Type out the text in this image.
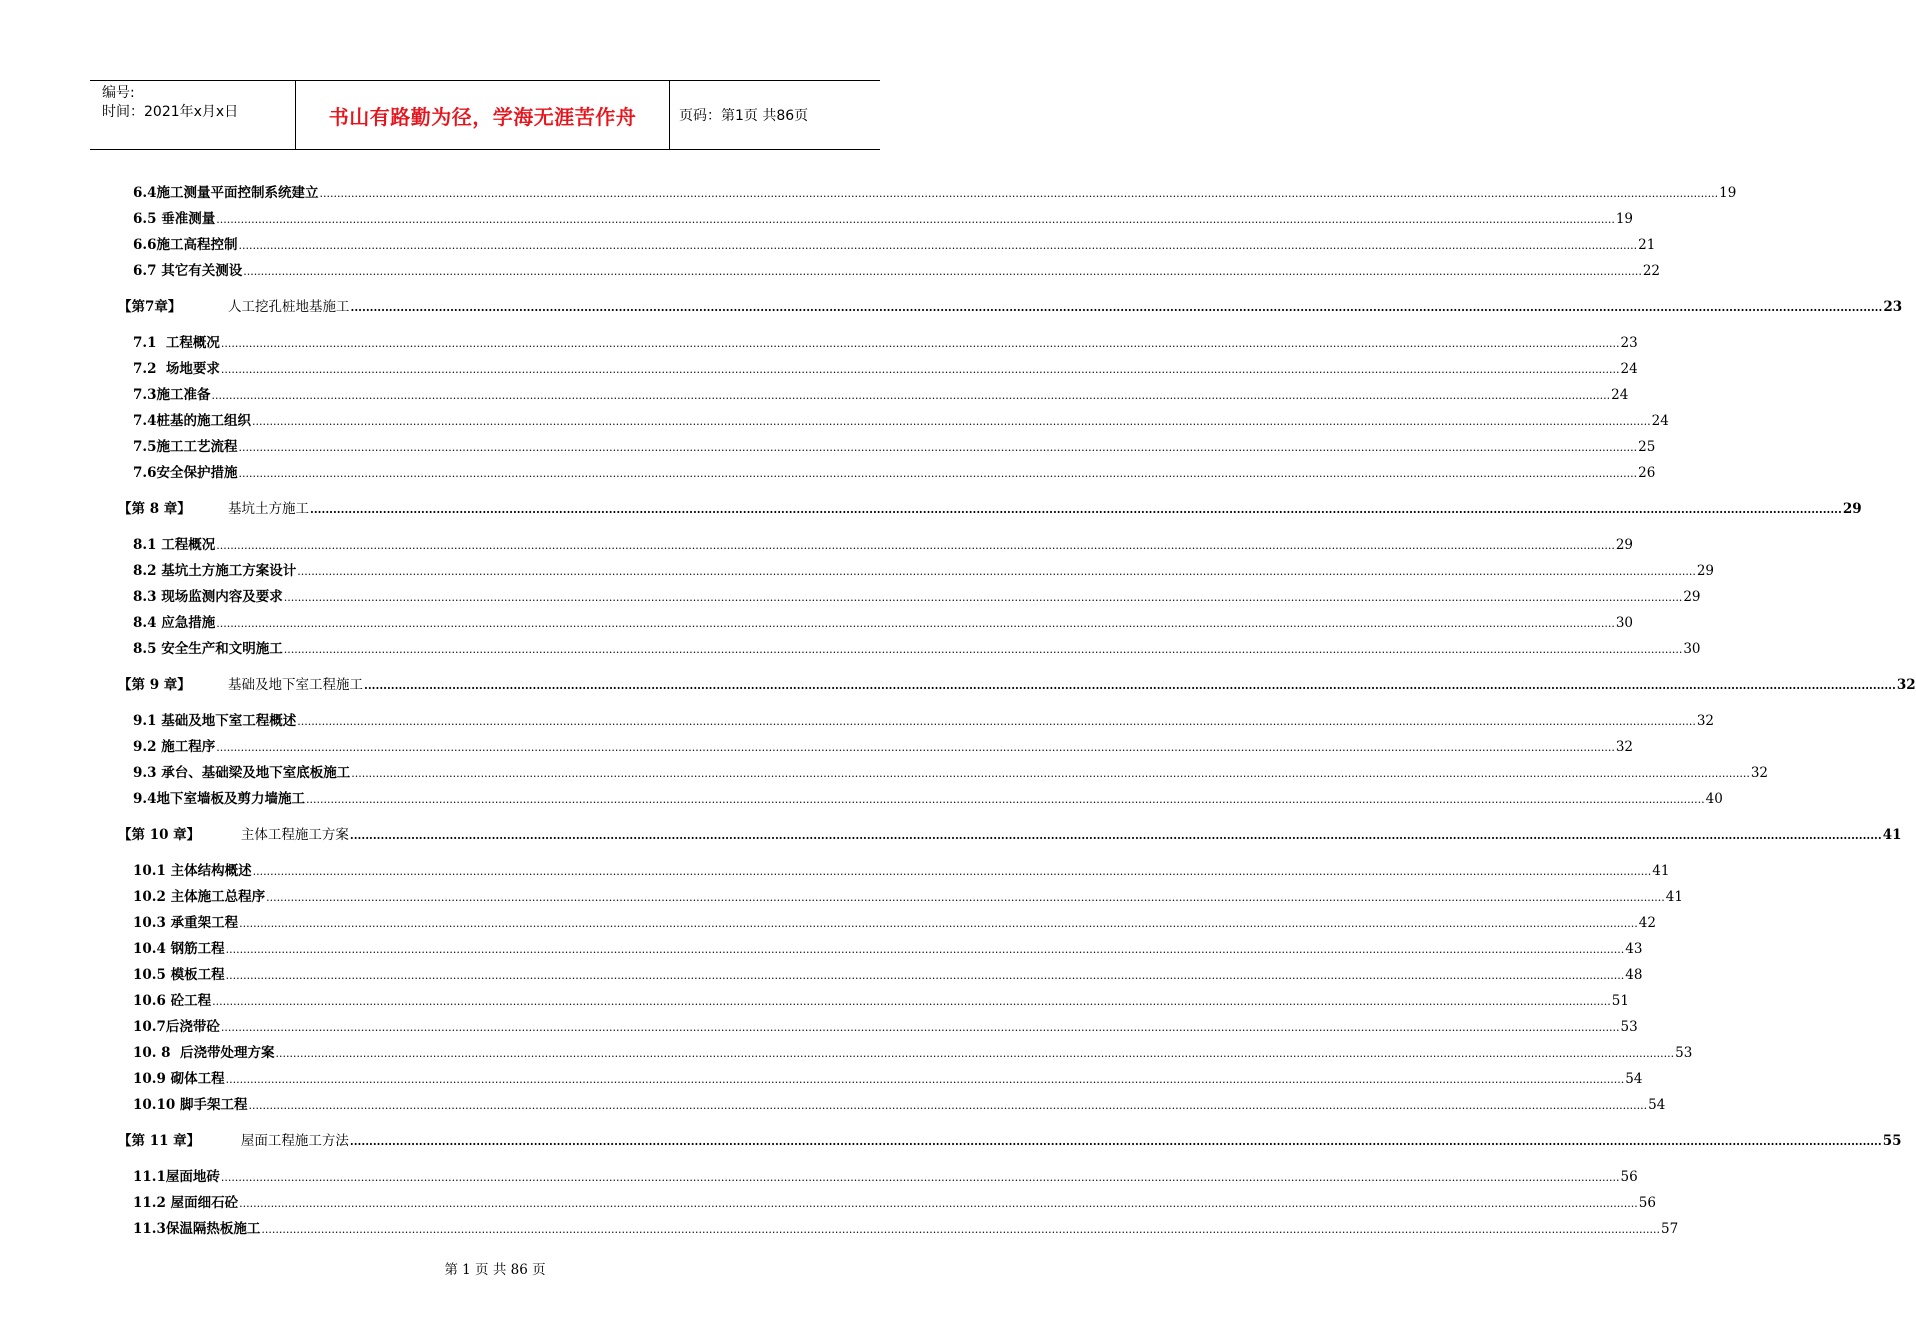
编号:
时间：2021年x月x日	书山有路勤为径，学海无涯苦作舟	页码：第1页 共86页
6.4施工测量平面控制系统建立 ................................................................................................................................................................................................................................................................................................................................................................................................................ 19
6.5 垂准测量 ................................................................................................................................................................................................................................................................................................................................................................................................................ 19
6.6施工高程控制 ................................................................................................................................................................................................................................................................................................................................................................................................................ 21
6.7 其它有关测设 ................................................................................................................................................................................................................................................................................................................................................................................................................ 22
【第7章】	人工挖孔桩地基施工 ................................................................................................................................................................................................................................................................................................................................................................................................................ 23
7.1  工程概况 ................................................................................................................................................................................................................................................................................................................................................................................................................ 23
7.2  场地要求 ................................................................................................................................................................................................................................................................................................................................................................................................................ 24
7.3施工准备 ................................................................................................................................................................................................................................................................................................................................................................................................................ 24
7.4桩基的施工组织 ................................................................................................................................................................................................................................................................................................................................................................................................................ 24
7.5施工工艺流程 ................................................................................................................................................................................................................................................................................................................................................................................................................ 25
7.6安全保护措施 ................................................................................................................................................................................................................................................................................................................................................................................................................ 26
【第 8 章】	基坑土方施工 ................................................................................................................................................................................................................................................................................................................................................................................................................ 29
8.1 工程概况 ................................................................................................................................................................................................................................................................................................................................................................................................................ 29
8.2 基坑土方施工方案设计 ................................................................................................................................................................................................................................................................................................................................................................................................................ 29
8.3 现场监测内容及要求 ................................................................................................................................................................................................................................................................................................................................................................................................................ 29
8.4 应急措施 ................................................................................................................................................................................................................................................................................................................................................................................................................ 30
8.5 安全生产和文明施工 ................................................................................................................................................................................................................................................................................................................................................................................................................ 30
【第 9 章】	基础及地下室工程施工 ................................................................................................................................................................................................................................................................................................................................................................................................................ 32
9.1 基础及地下室工程概述 ................................................................................................................................................................................................................................................................................................................................................................................................................ 32
9.2 施工程序 ................................................................................................................................................................................................................................................................................................................................................................................................................ 32
9.3 承台、基础梁及地下室底板施工 ................................................................................................................................................................................................................................................................................................................................................................................................................ 32
9.4地下室墙板及剪力墙施工 ................................................................................................................................................................................................................................................................................................................................................................................................................ 40
【第 10 章】   主体工程施工方案 ................................................................................................................................................................................................................................................................................................................................................................................................................ 41
10.1 主体结构概述 ................................................................................................................................................................................................................................................................................................................................................................................................................ 41
10.2 主体施工总程序 ................................................................................................................................................................................................................................................................................................................................................................................................................ 41
10.3 承重架工程 ................................................................................................................................................................................................................................................................................................................................................................................................................ 42
10.4 钢筋工程 ................................................................................................................................................................................................................................................................................................................................................................................................................ 43
10.5 模板工程 ................................................................................................................................................................................................................................................................................................................................................................................................................ 48
10.6 砼工程 ................................................................................................................................................................................................................................................................................................................................................................................................................ 51
10.7后浇带砼 ................................................................................................................................................................................................................................................................................................................................................................................................................ 53
10. 8  后浇带处理方案 ................................................................................................................................................................................................................................................................................................................................................................................................................ 53
10.9 砌体工程 ................................................................................................................................................................................................................................................................................................................................................................................................................ 54
10.10 脚手架工程 ................................................................................................................................................................................................................................................................................................................................................................................................................ 54
【第 11 章】   屋面工程施工方法 ................................................................................................................................................................................................................................................................................................................................................................................................................ 55
11.1屋面地砖 ................................................................................................................................................................................................................................................................................................................................................................................................................ 56
11.2 屋面细石砼 ................................................................................................................................................................................................................................................................................................................................................................................................................ 56
11.3保温隔热板施工 ................................................................................................................................................................................................................................................................................................................................................................................................................ 57
第 1 页 共 86 页
